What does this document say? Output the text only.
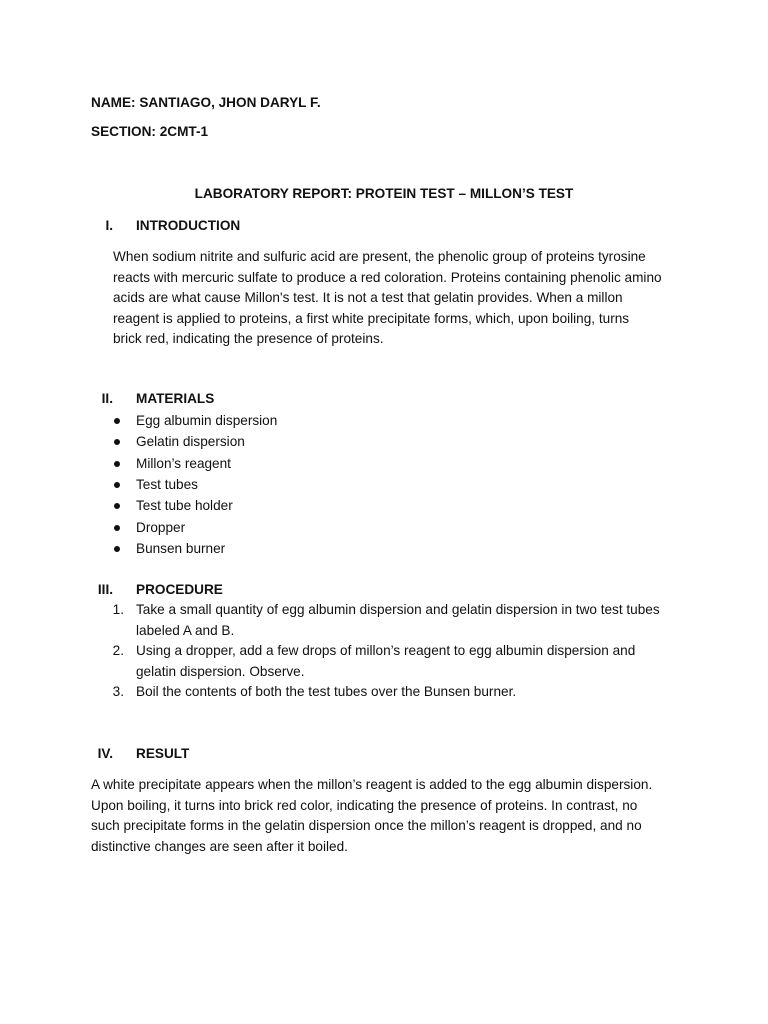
NAME: SANTIAGO, JHON DARYL F.
SECTION: 2CMT-1
LABORATORY REPORT: PROTEIN TEST – MILLON’S TEST
I. INTRODUCTION
When sodium nitrite and sulfuric acid are present, the phenolic group of proteins tyrosine
reacts with mercuric sulfate to produce a red coloration. Proteins containing phenolic amino
acids are what cause Millon's test. It is not a test that gelatin provides. When a millon
reagent is applied to proteins, a first white precipitate forms, which, upon boiling, turns
brick red, indicating the presence of proteins.
II. MATERIALS
Egg albumin dispersion
Gelatin dispersion
Millon’s reagent
Test tubes
Test tube holder
Dropper
Bunsen burner
III. PROCEDURE
1. Take a small quantity of egg albumin dispersion and gelatin dispersion in two test tubes
labeled A and B.
2. Using a dropper, add a few drops of millon’s reagent to egg albumin dispersion and
gelatin dispersion. Observe.
3. Boil the contents of both the test tubes over the Bunsen burner.
IV. RESULT
A white precipitate appears when the millon’s reagent is added to the egg albumin dispersion.
Upon boiling, it turns into brick red color, indicating the presence of proteins. In contrast, no
such precipitate forms in the gelatin dispersion once the millon’s reagent is dropped, and no
distinctive changes are seen after it boiled.
